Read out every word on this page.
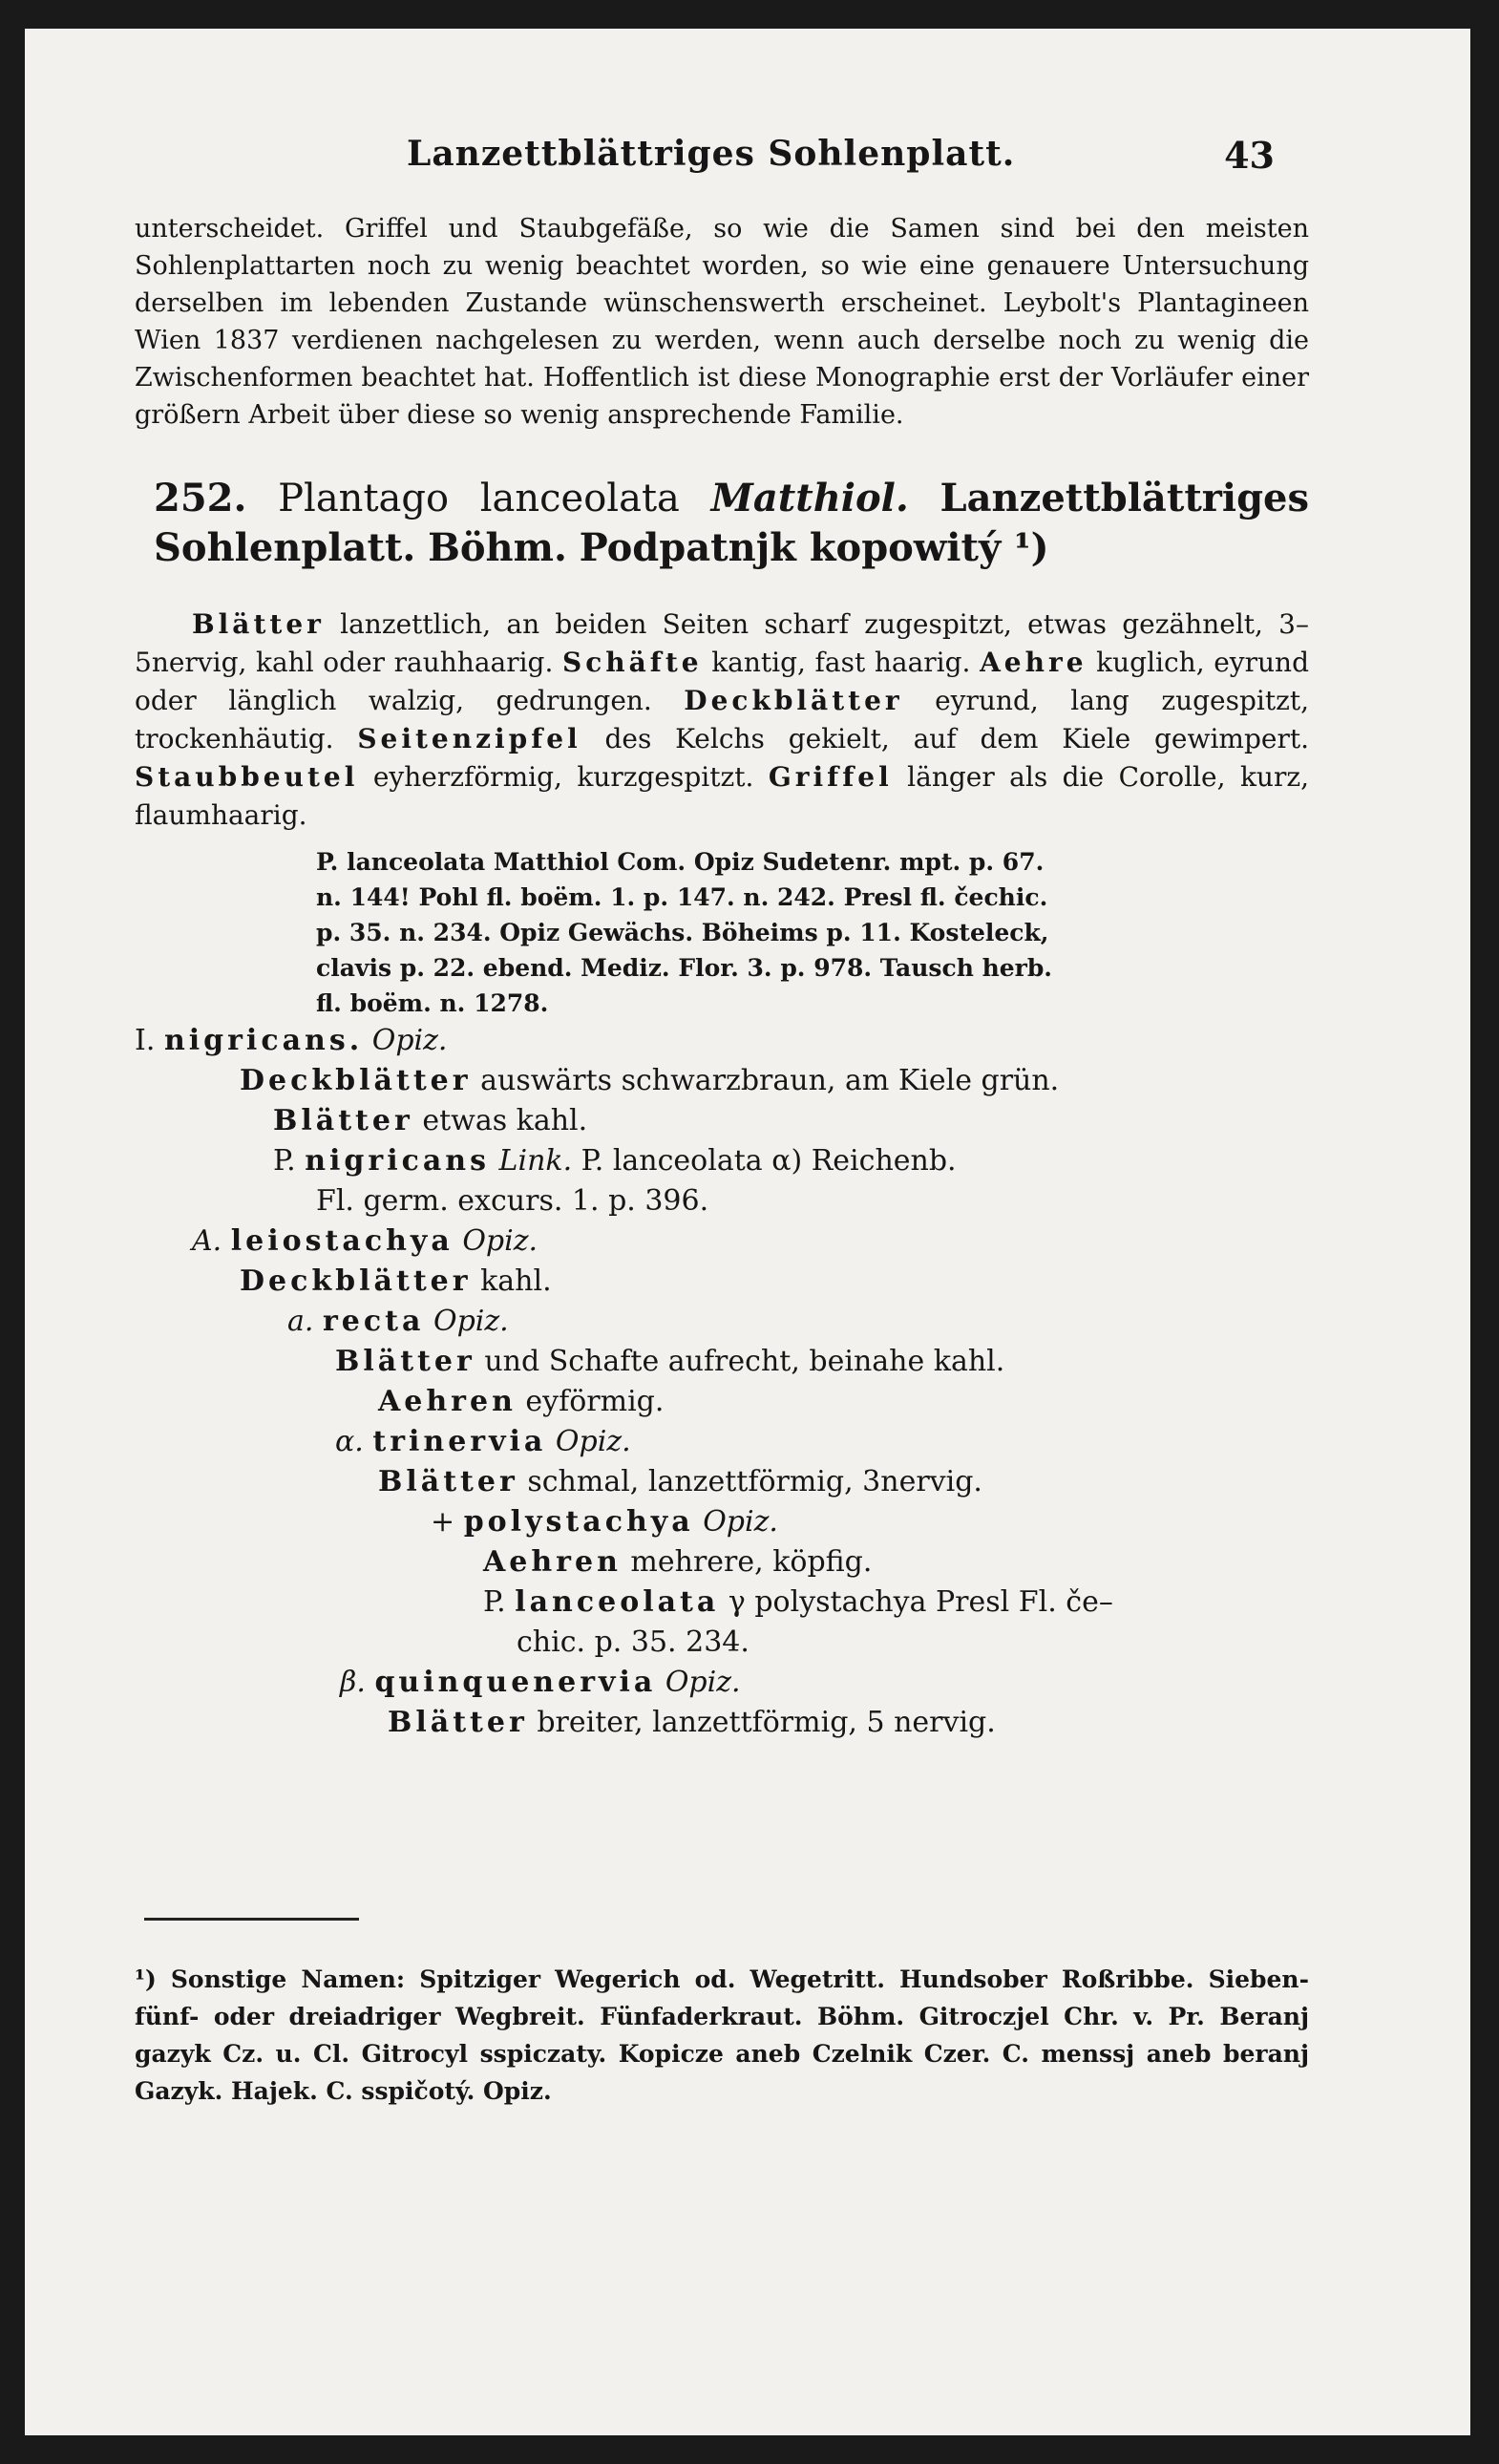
Lanzettblättriges Sohlenplatt.	43

unterscheidet. Griffel und Staubgefäße, so wie die Samen sind bei den meisten Sohlenplattarten noch zu wenig beachtet worden, so wie eine genauere Untersuchung derselben im lebenden Zustande wünschenswerth erscheinet. Leybolt's Plantagineen Wien 1837 verdienen nachgelesen zu werden, wenn auch derselbe noch zu wenig die Zwischenformen beachtet hat. Hoffentlich ist diese Monographie erst der Vorläufer einer größern Arbeit über diese so wenig ansprechende Familie.

252. Plantago lanceolata Matthiol. Lanzettblättriges Sohlenplatt. Böhm. Podpatnjk kopowitý ¹)

Blätter lanzettlich, an beiden Seiten scharf zugespitzt, etwas gezähnelt, 3–5nervig, kahl oder rauhhaarig. Schäfte kantig, fast haarig. Aehre kuglich, eyrund oder länglich walzig, gedrungen. Deckblätter eyrund, lang zugespitzt, trockenhäutig. Seitenzipfel des Kelchs gekielt, auf dem Kiele gewimpert. Staubbeutel eyherzförmig, kurzgespitzt. Griffel länger als die Corolle, kurz, flaumhaarig.

P. lanceolata Matthiol Com. Opiz Sudetenr. mpt. p. 67.
n. 144! Pohl fl. boëm. 1. p. 147. n. 242. Presl fl. čechic.
p. 35. n. 234. Opiz Gewächs. Böheims p. 11. Kosteleck,
clavis p. 22. ebend. Mediz. Flor. 3. p. 978. Tausch herb.
fl. boëm. n. 1278.
I. nigricans. Opiz.
Deckblätter auswärts schwarzbraun, am Kiele grün.
Blätter etwas kahl.
P. nigricans Link. P. lanceolata α) Reichenb.
Fl. germ. excurs. 1. p. 396.
A. leiostachya Opiz.
Deckblätter kahl.
a. recta Opiz.
Blätter und Schafte aufrecht, beinahe kahl.
Aehren eyförmig.
α. trinervia Opiz.
Blätter schmal, lanzettförmig, 3nervig.
+ polystachya Opiz.
Aehren mehrere, köpfig.
P. lanceolata γ polystachya Presl Fl. če–
chic. p. 35. 234.
β. quinquenervia Opiz.
Blätter breiter, lanzettförmig, 5 nervig.

¹) Sonstige Namen: Spitziger Wegerich od. Wegetritt. Hundsober Roßribbe. Sieben- fünf- oder dreiadriger Wegbreit. Fünfaderkraut. Böhm. Gitroczjel Chr. v. Pr. Beranj gazyk Cz. u. Cl. Gitrocyl sspiczaty. Kopicze aneb Czelnik Czer. C. menssj aneb beranj Gazyk. Hajek. C. sspičotý. Opiz.
